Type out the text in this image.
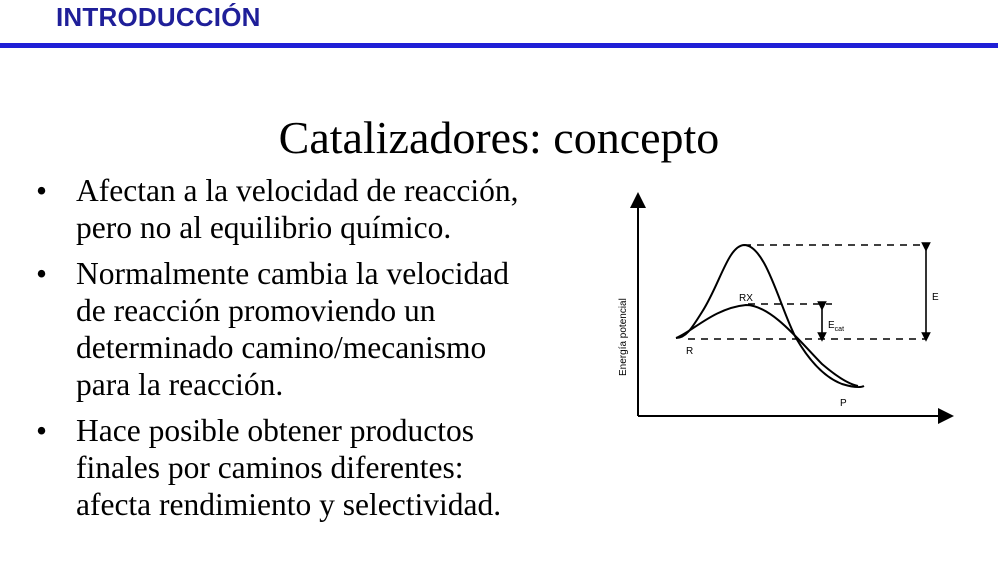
INTRODUCCIÓN
Catalizadores: concepto
• Afectan a la velocidad de reacción,
pero no al equilibrio químico.
• Normalmente cambia la velocidad
de reacción promoviendo un
determinado camino/mecanismo
para la reacción.
• Hace posible obtener productos
finales por caminos diferentes:
afecta rendimiento y selectividad.
Energía potencial	R
P
RX	E
$E_{cat}$
